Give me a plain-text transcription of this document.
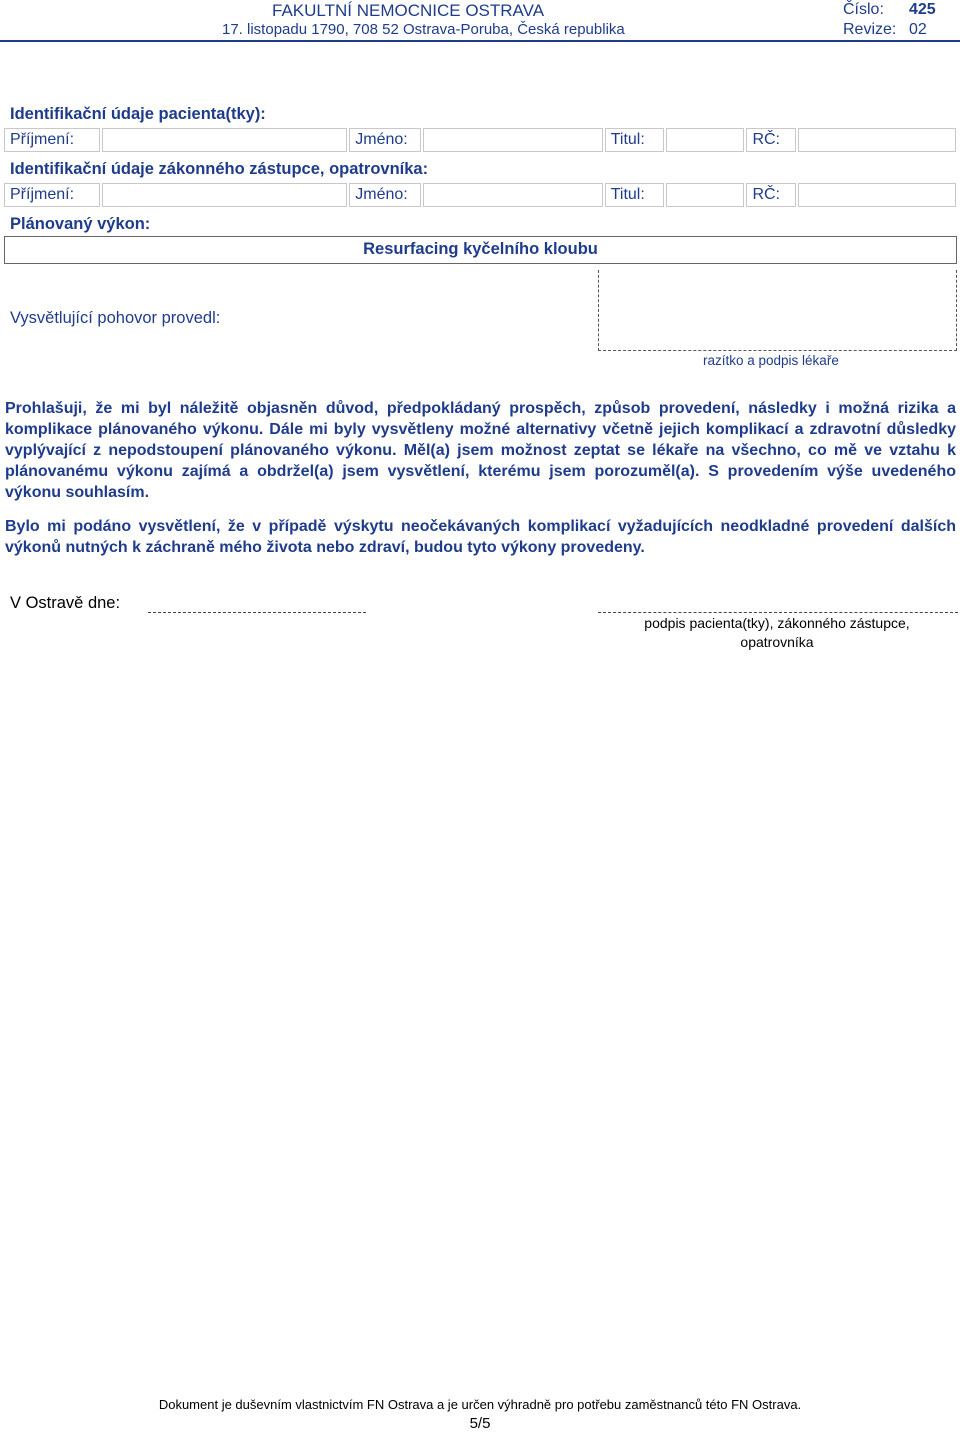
FAKULTNÍ NEMOCNICE OSTRAVA
17. listopadu 1790, 708 52 Ostrava-Poruba, Česká republika
Číslo: 425
Revize: 02
Identifikační údaje pacienta(tky):
Příjmení:	Jméno:	Titul:	RČ:
Identifikační údaje zákonného zástupce, opatrovníka:
Příjmení:	Jméno:	Titul:	RČ:
Plánovaný výkon:
Resurfacing kyčelního kloubu
Vysvětlující pohovor provedl:
razítko a podpis lékaře
Prohlašuji, že mi byl náležitě objasněn důvod, předpokládaný prospěch, způsob provedení, následky i možná rizika a komplikace plánovaného výkonu. Dále mi byly vysvětleny možné alternativy včetně jejich komplikací a zdravotní důsledky vyplývající z nepodstoupení plánovaného výkonu. Měl(a) jsem možnost zeptat se lékaře na všechno, co mě ve vztahu k plánovanému výkonu zajímá a obdržel(a) jsem vysvětlení, kterému jsem porozuměl(a). S provedením výše uvedeného výkonu souhlasím.
Bylo mi podáno vysvětlení, že v případě výskytu neočekávaných komplikací vyžadujících neodkladné provedení dalších výkonů nutných k záchraně mého života nebo zdraví, budou tyto výkony provedeny.
V Ostravě dne:
podpis pacienta(tky), zákonného zástupce,
opatrovníka
Dokument je duševním vlastnictvím FN Ostrava a je určen výhradně pro potřebu zaměstnanců této FN Ostrava.
5/5
